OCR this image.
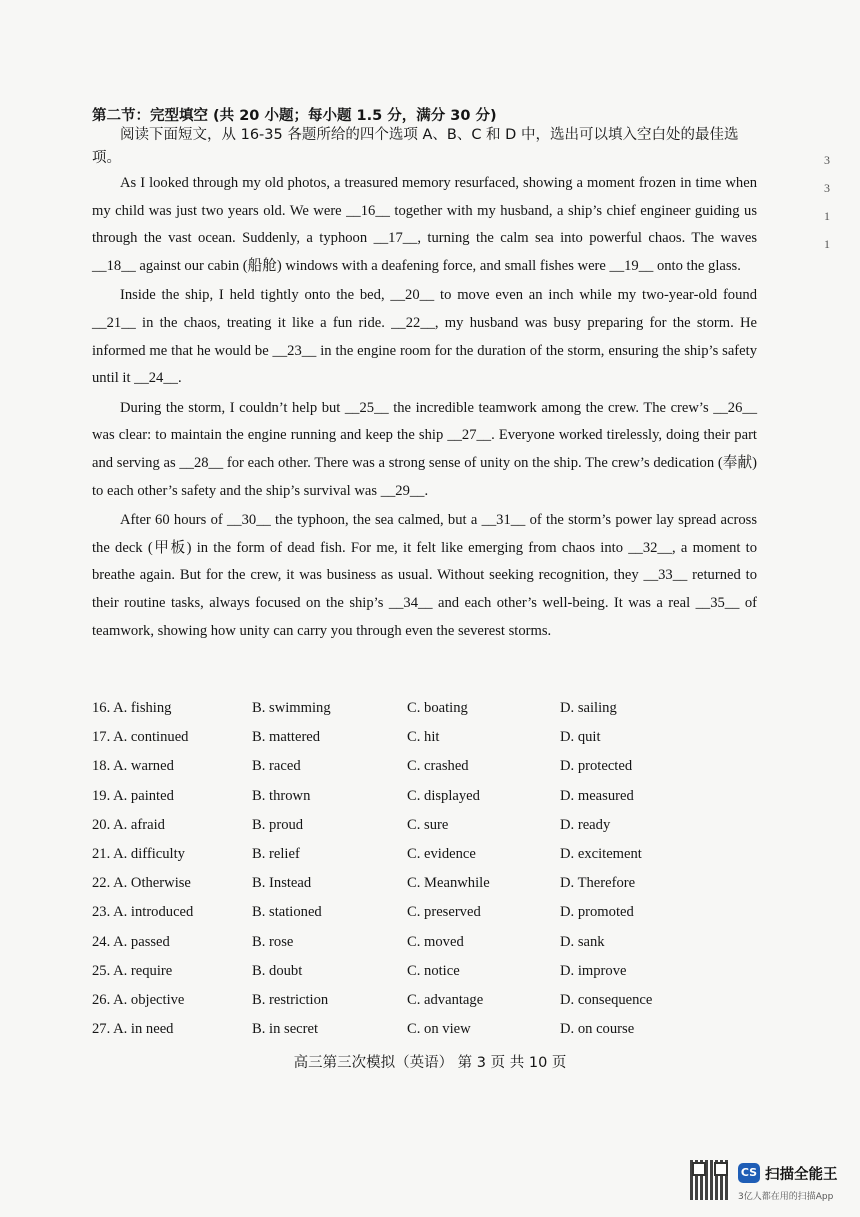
第二节：完型填空 (共 20 小题；每小题 1.5 分，满分 30 分)
阅读下面短文，从 16-35 各题所给的四个选项 A、B、C 和 D 中，选出可以填入空白处的最佳选项。

As I looked through my old photos, a treasured memory resurfaced, showing a moment frozen in time when my child was just two years old. We were __16__ together with my husband, a ship’s chief engineer guiding us through the vast ocean. Suddenly, a typhoon __17__, turning the calm sea into powerful chaos. The waves __18__ against our cabin (船舱) windows with a deafening force, and small fishes were __19__ onto the glass.

Inside the ship, I held tightly onto the bed, __20__ to move even an inch while my two-year-old found __21__ in the chaos, treating it like a fun ride. __22__, my husband was busy preparing for the storm. He informed me that he would be __23__ in the engine room for the duration of the storm, ensuring the ship’s safety until it __24__.

During the storm, I couldn’t help but __25__ the incredible teamwork among the crew. The crew’s __26__ was clear: to maintain the engine running and keep the ship __27__. Everyone worked tirelessly, doing their part and serving as __28__ for each other. There was a strong sense of unity on the ship. The crew’s dedication (奉献) to each other’s safety and the ship’s survival was __29__.

After 60 hours of __30__ the typhoon, the sea calmed, but a __31__ of the storm’s power lay spread across the deck (甲板) in the form of dead fish. For me, it felt like emerging from chaos into __32__, a moment to breathe again. But for the crew, it was business as usual. Without seeking recognition, they __33__ returned to their routine tasks, always focused on the ship’s __34__ and each other’s well-being. It was a real __35__ of teamwork, showing how unity can carry you through even the severest storms.

16. A. fishing	B. swimming	C. boating	D. sailing
17. A. continued	B. mattered	C. hit	D. quit
18. A. warned	B. raced	C. crashed	D. protected
19. A. painted	B. thrown	C. displayed	D. measured
20. A. afraid	B. proud	C. sure	D. ready
21. A. difficulty	B. relief	C. evidence	D. excitement
22. A. Otherwise	B. Instead	C. Meanwhile	D. Therefore
23. A. introduced	B. stationed	C. preserved	D. promoted
24. A. passed	B. rose	C. moved	D. sank
25. A. require	B. doubt	C. notice	D. improve
26. A. objective	B. restriction	C. advantage	D. consequence
27. A. in need	B. in secret	C. on view	D. on course
高三第三次模拟（英语） 第 3 页 共 10 页
3
3
1
1
CS 扫描全能王
3亿人都在用的扫描App
